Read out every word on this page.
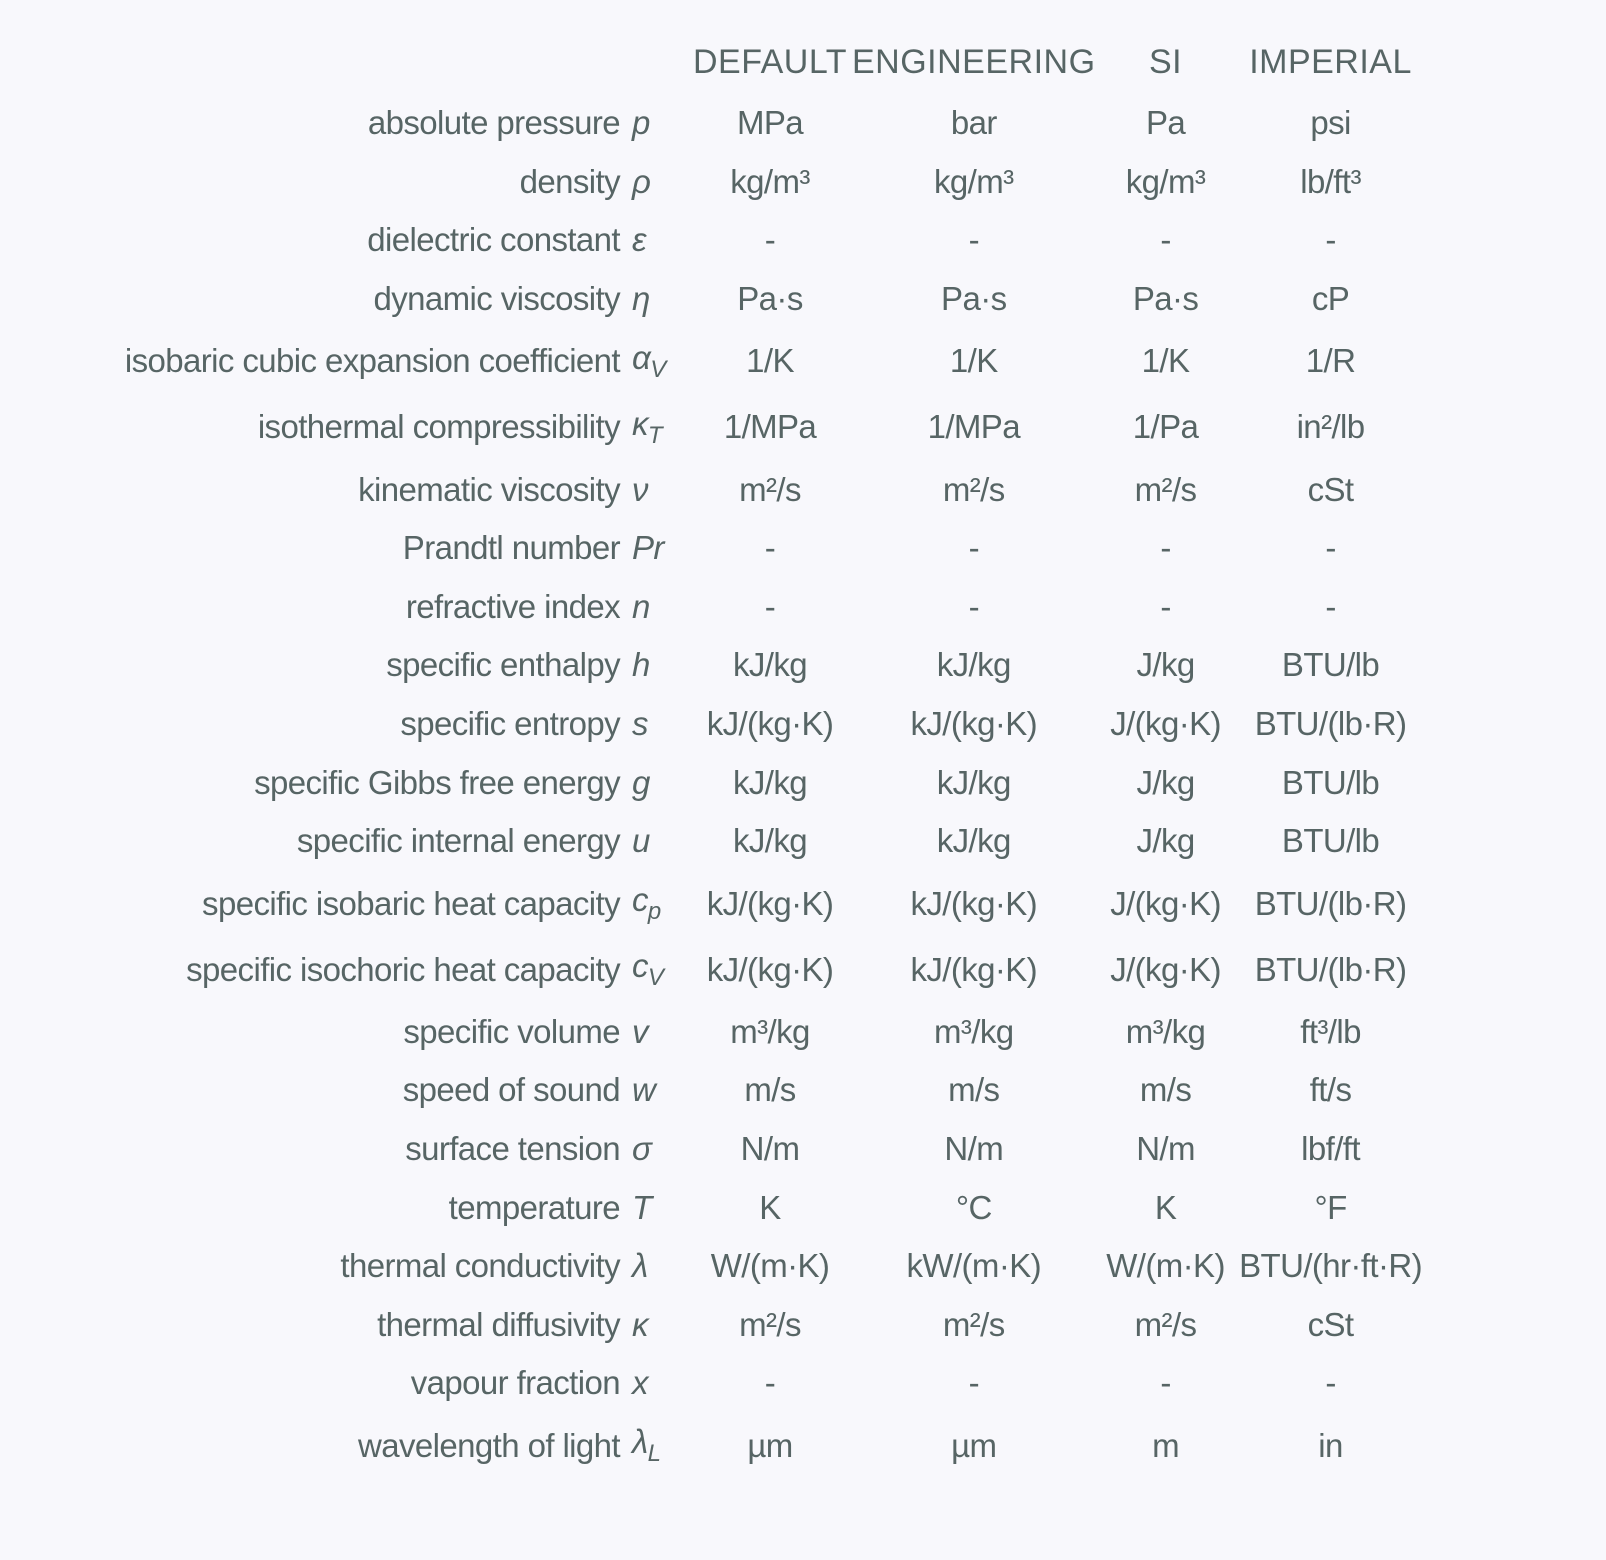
		DEFAULT	ENGINEERING	SI	IMPERIAL
absolute pressure	p	MPa	bar	Pa	psi
density	ρ	kg/m³	kg/m³	kg/m³	lb/ft³
dielectric constant	ε	-	-	-	-
dynamic viscosity	η	Pa·s	Pa·s	Pa·s	cP
isobaric cubic expansion coefficient	$\alpha_V$	1/K	1/K	1/K	1/R
isothermal compressibility	$\kappa_T$	1/MPa	1/MPa	1/Pa	in²/lb
kinematic viscosity	ν	m²/s	m²/s	m²/s	cSt
Prandtl number	Pr	-	-	-	-
refractive index	n	-	-	-	-
specific enthalpy	h	kJ/kg	kJ/kg	J/kg	BTU/lb
specific entropy	s	kJ/(kg·K)	kJ/(kg·K)	J/(kg·K)	BTU/(lb·R)
specific Gibbs free energy	g	kJ/kg	kJ/kg	J/kg	BTU/lb
specific internal energy	u	kJ/kg	kJ/kg	J/kg	BTU/lb
specific isobaric heat capacity	$c_p$	kJ/(kg·K)	kJ/(kg·K)	J/(kg·K)	BTU/(lb·R)
specific isochoric heat capacity	$c_V$	kJ/(kg·K)	kJ/(kg·K)	J/(kg·K)	BTU/(lb·R)
specific volume	v	m³/kg	m³/kg	m³/kg	ft³/lb
speed of sound	w	m/s	m/s	m/s	ft/s
surface tension	σ	N/m	N/m	N/m	lbf/ft
temperature	T	K	°C	K	°F
thermal conductivity	λ	W/(m·K)	kW/(m·K)	W/(m·K)	BTU/(hr·ft·R)
thermal diffusivity	κ	m²/s	m²/s	m²/s	cSt
vapour fraction	x	-	-	-	-
wavelength of light	$\lambda_L$	µm	µm	m	in
